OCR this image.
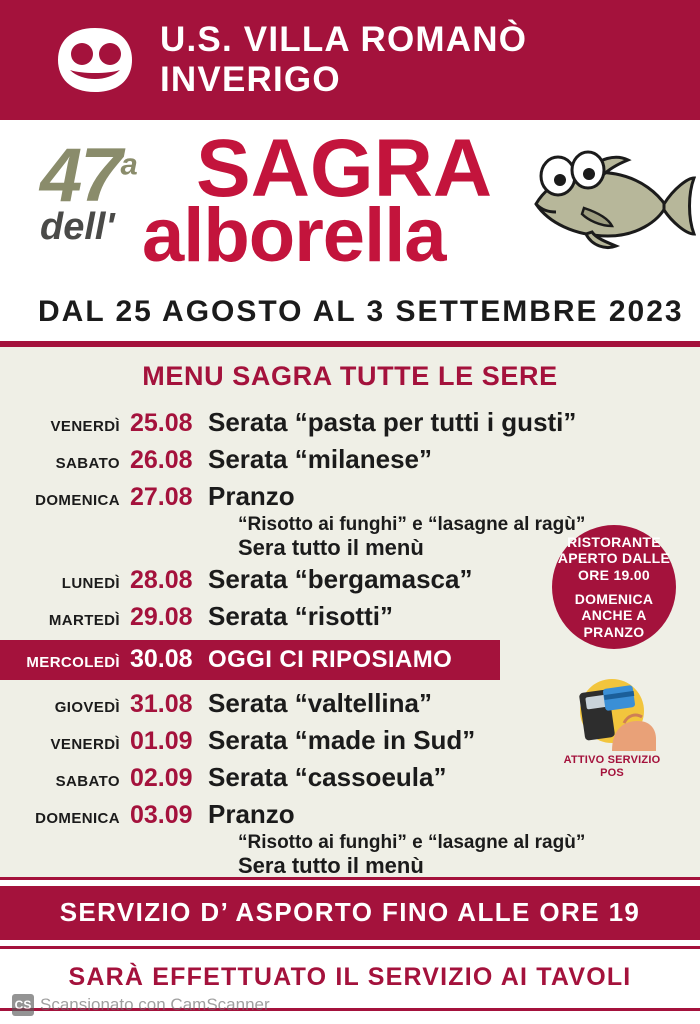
U.S. VILLA ROMANÒ
INVERIGO
47$^a$ SAGRA
dell' alborella
DAL 25 AGOSTO AL 3 SETTEMBRE 2023
MENU SAGRA TUTTE LE SERE
VENERDÌ 25.08 Serata “pasta per tutti i gusti”
SABATO 26.08 Serata “milanese”
DOMENICA 27.08 Pranzo
“Risotto ai funghi” e “lasagne al ragù”
Sera tutto il menù
LUNEDÌ 28.08 Serata “bergamasca”
MARTEDÌ 29.08 Serata “risotti”
MERCOLEDÌ 30.08 OGGI CI RIPOSIAMO
GIOVEDÌ 31.08 Serata “valtellina”
VENERDÌ 01.09 Serata “made in Sud”
SABATO 02.09 Serata “cassoeula”
DOMENICA 03.09 Pranzo
“Risotto ai funghi” e “lasagne al ragù”
Sera tutto il menù
RISTORANTE
APERTO DALLE
ORE 19.00
DOMENICA
ANCHE A
PRANZO
ATTIVO SERVIZIO
POS
SERVIZIO D’ ASPORTO FINO ALLE ORE 19
SARÀ EFFETTUATO IL SERVIZIO AI TAVOLI
CS Scansionato con CamScanner
